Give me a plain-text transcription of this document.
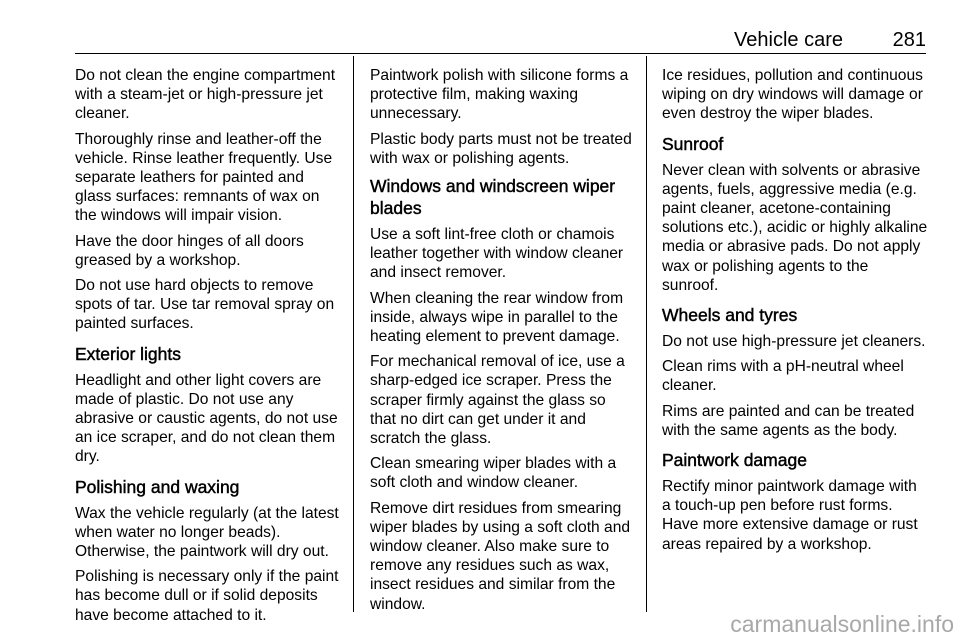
Vehicle care 281

Do not clean the engine compartment with a steam-jet or high-pressure jet cleaner.

Thoroughly rinse and leather-off the vehicle. Rinse leather frequently. Use separate leathers for painted and glass surfaces: remnants of wax on the windows will impair vision.

Have the door hinges of all doors greased by a workshop.

Do not use hard objects to remove spots of tar. Use tar removal spray on painted surfaces.

Exterior lights

Headlight and other light covers are made of plastic. Do not use any abrasive or caustic agents, do not use an ice scraper, and do not clean them dry.

Polishing and waxing

Wax the vehicle regularly (at the latest when water no longer beads). Otherwise, the paintwork will dry out.

Polishing is necessary only if the paint has become dull or if solid deposits have become attached to it.

Paintwork polish with silicone forms a protective film, making waxing unnecessary.

Plastic body parts must not be treated with wax or polishing agents.

Windows and windscreen wiper blades

Use a soft lint-free cloth or chamois leather together with window cleaner and insect remover.

When cleaning the rear window from inside, always wipe in parallel to the heating element to prevent damage.

For mechanical removal of ice, use a sharp-edged ice scraper. Press the scraper firmly against the glass so that no dirt can get under it and scratch the glass.

Clean smearing wiper blades with a soft cloth and window cleaner.

Remove dirt residues from smearing wiper blades by using a soft cloth and window cleaner. Also make sure to remove any residues such as wax, insect residues and similar from the window.

Ice residues, pollution and continuous wiping on dry windows will damage or even destroy the wiper blades.

Sunroof

Never clean with solvents or abrasive agents, fuels, aggressive media (e.g. paint cleaner, acetone-containing solutions etc.), acidic or highly alkaline media or abrasive pads. Do not apply wax or polishing agents to the sunroof.

Wheels and tyres

Do not use high-pressure jet cleaners.

Clean rims with a pH-neutral wheel cleaner.

Rims are painted and can be treated with the same agents as the body.

Paintwork damage

Rectify minor paintwork damage with a touch-up pen before rust forms. Have more extensive damage or rust areas repaired by a workshop.

carmanualsonline.info
